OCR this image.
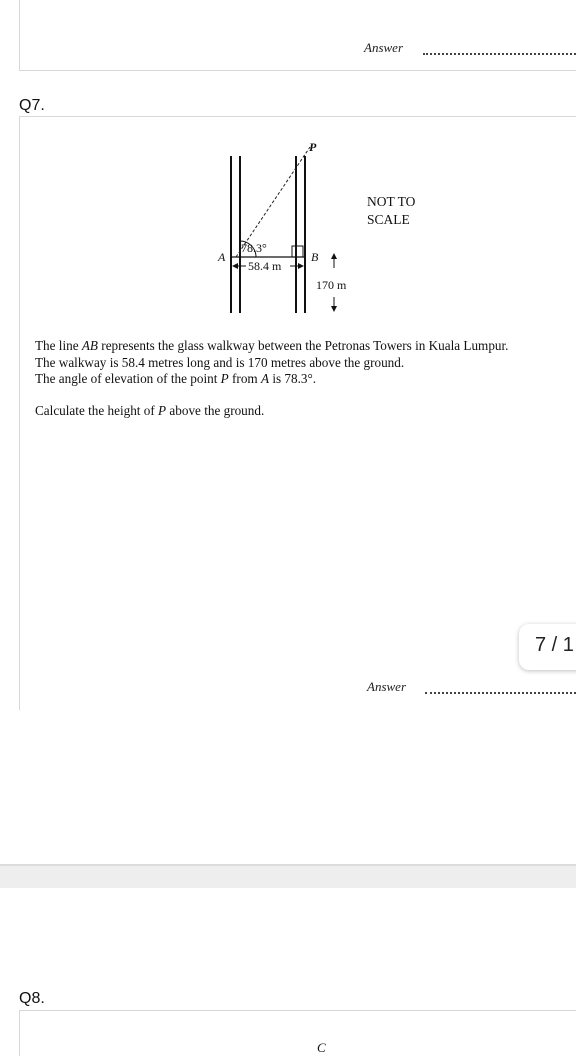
Answer
Q7.
P
A	B
78.3°
58.4 m
170 m
NOT TO
SCALE

The line AB represents the glass walkway between the Petronas Towers in Kuala Lumpur.

The walkway is 58.4 metres long and is 170 metres above the ground.

The angle of elevation of the point P from A is 78.3°.

Calculate the height of P above the ground.

Answer
7 / 1
Q8.
C
